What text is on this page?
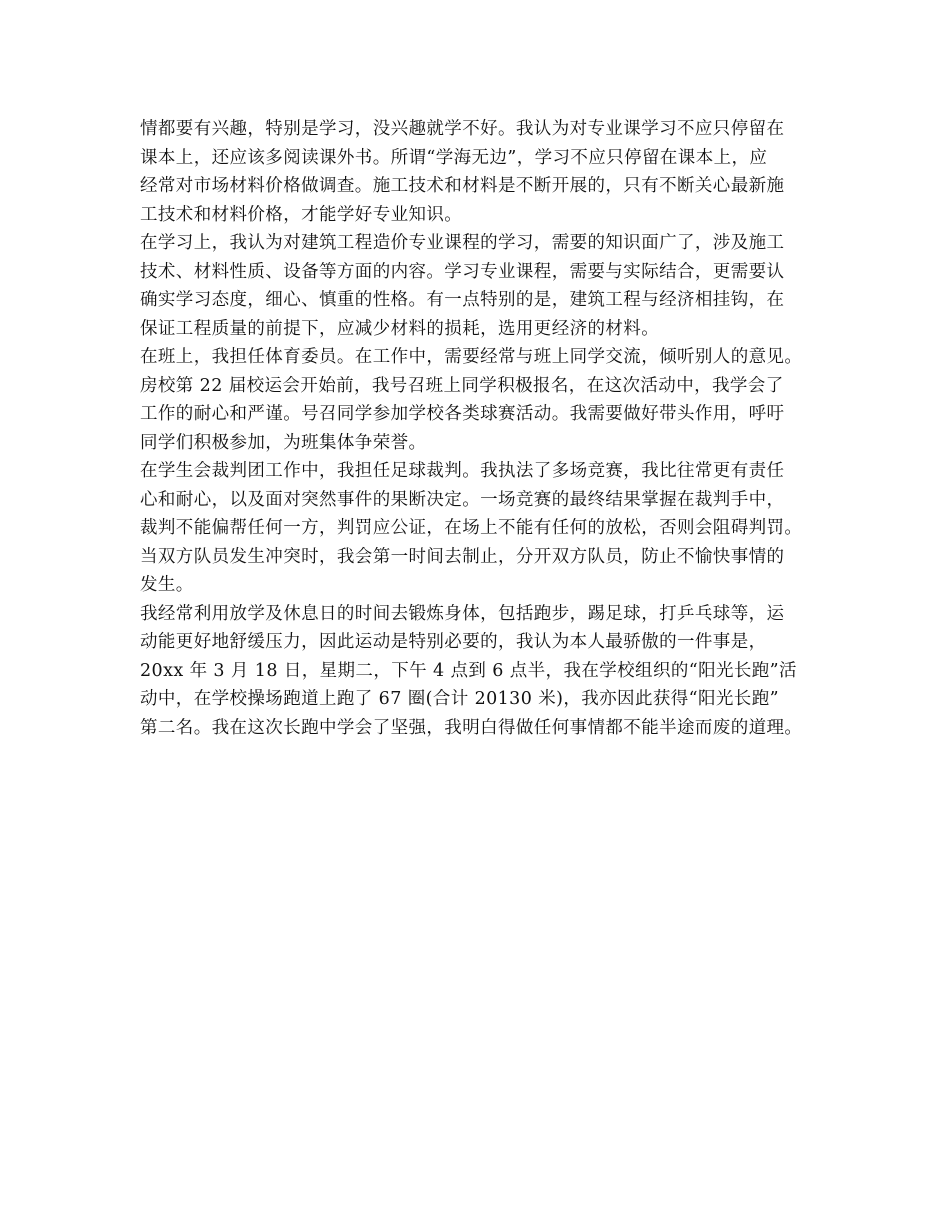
情都要有兴趣，特别是学习，没兴趣就学不好。我认为对专业课学习不应只停留在
课本上，还应该多阅读课外书。所谓“学海无边”，学习不应只停留在课本上，应
经常对市场材料价格做调查。施工技术和材料是不断开展的，只有不断关心最新施
工技术和材料价格，才能学好专业知识。
在学习上，我认为对建筑工程造价专业课程的学习，需要的知识面广了，涉及施工
技术、材料性质、设备等方面的内容。学习专业课程，需要与实际结合，更需要认
确实学习态度，细心、慎重的性格。有一点特别的是，建筑工程与经济相挂钩，在
保证工程质量的前提下，应减少材料的损耗，选用更经济的材料。
在班上，我担任体育委员。在工作中，需要经常与班上同学交流，倾听别人的意见。
房校第 22 届校运会开始前，我号召班上同学积极报名，在这次活动中，我学会了
工作的耐心和严谨。号召同学参加学校各类球赛活动。我需要做好带头作用，呼吁
同学们积极参加，为班集体争荣誉。
在学生会裁判团工作中，我担任足球裁判。我执法了多场竞赛，我比往常更有责任
心和耐心，以及面对突然事件的果断决定。一场竞赛的最终结果掌握在裁判手中，
裁判不能偏帮任何一方，判罚应公证，在场上不能有任何的放松，否则会阻碍判罚。
当双方队员发生冲突时，我会第一时间去制止，分开双方队员，防止不愉快事情的
发生。
我经常利用放学及休息日的时间去锻炼身体，包括跑步，踢足球，打乒乓球等，运
动能更好地舒缓压力，因此运动是特别必要的，我认为本人最骄傲的一件事是，
20xx 年 3 月 18 日，星期二，下午 4 点到 6 点半，我在学校组织的“阳光长跑”活
动中，在学校操场跑道上跑了 67 圈(合计 20130 米)，我亦因此获得“阳光长跑”
第二名。我在这次长跑中学会了坚强，我明白得做任何事情都不能半途而废的道理。
